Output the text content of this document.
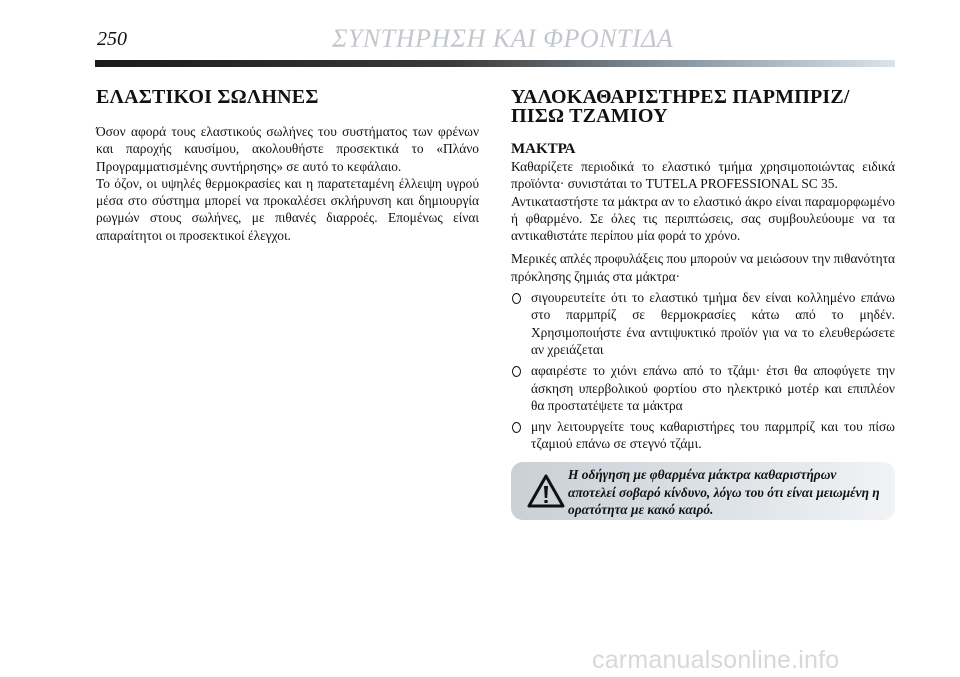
250	ΣΥΝΤΗΡΗΣΗ ΚΑΙ ΦΡΟΝΤΙΔΑ
ΕΛΑΣΤΙΚΟΙ ΣΩΛΗΝΕΣ

Όσον αφορά τους ελαστικούς σωλήνες του συστήματος των φρένων και παροχής καυσίμου, ακολουθήστε προσεκτικά το «Πλάνο Προγραμματισμένης συντήρησης» σε αυτό το κεφάλαιο.

Το όζον, οι υψηλές θερμοκρασίες και η παρατεταμένη έλλειψη υγρού μέσα στο σύστημα μπορεί να προκαλέσει σκλήρυνση και δημιουργία ρωγμών στους σωλήνες, με πιθανές διαρροές. Επομένως είναι απαραίτητοι οι προσεκτικοί έλεγχοι.

ΥΑΛΟΚΑΘΑΡΙΣΤΗΡΕΣ ΠΑΡΜΠΡΙΖ/
ΠΙΣΩ ΤΖΑΜΙΟΥ
ΜΑΚΤΡΑ

Καθαρίζετε περιοδικά το ελαστικό τμήμα χρησιμοποιώντας ειδικά προϊόντα· συνιστάται το TUTELA PROFESSIONAL SC 35.

Αντικαταστήστε τα μάκτρα αν το ελαστικό άκρο είναι παραμορφωμένο ή φθαρμένο. Σε όλες τις περιπτώσεις, σας συμβουλεύουμε να τα αντικαθιστάτε περίπου μία φορά το χρόνο.

Μερικές απλές προφυλάξεις που μπορούν να μειώσουν την πιθανότητα πρόκλησης ζημιάς στα μάκτρα·

σιγουρευτείτε ότι το ελαστικό τμήμα δεν είναι κολλημένο επάνω στο παρμπρίζ σε θερμοκρασίες κάτω από το μηδέν. Χρησιμοποιήστε ένα αντιψυκτικό προϊόν για να το ελευθερώσετε αν χρειάζεται
αφαιρέστε το χιόνι επάνω από το τζάμι· έτσι θα αποφύγετε την άσκηση υπερβολικού φορτίου στο ηλεκτρικό μοτέρ και επιπλέον θα προστατέψετε τα μάκτρα
μην λειτουργείτε τους καθαριστήρες του παρμπρίζ και του πίσω τζαμιού επάνω σε στεγνό τζάμι.
Η οδήγηση με φθαρμένα μάκτρα καθαριστήρων αποτελεί σοβαρό κίνδυνο, λόγω του ότι είναι μειωμένη η ορατότητα με κακό καιρό.
carmanualsonline.info
